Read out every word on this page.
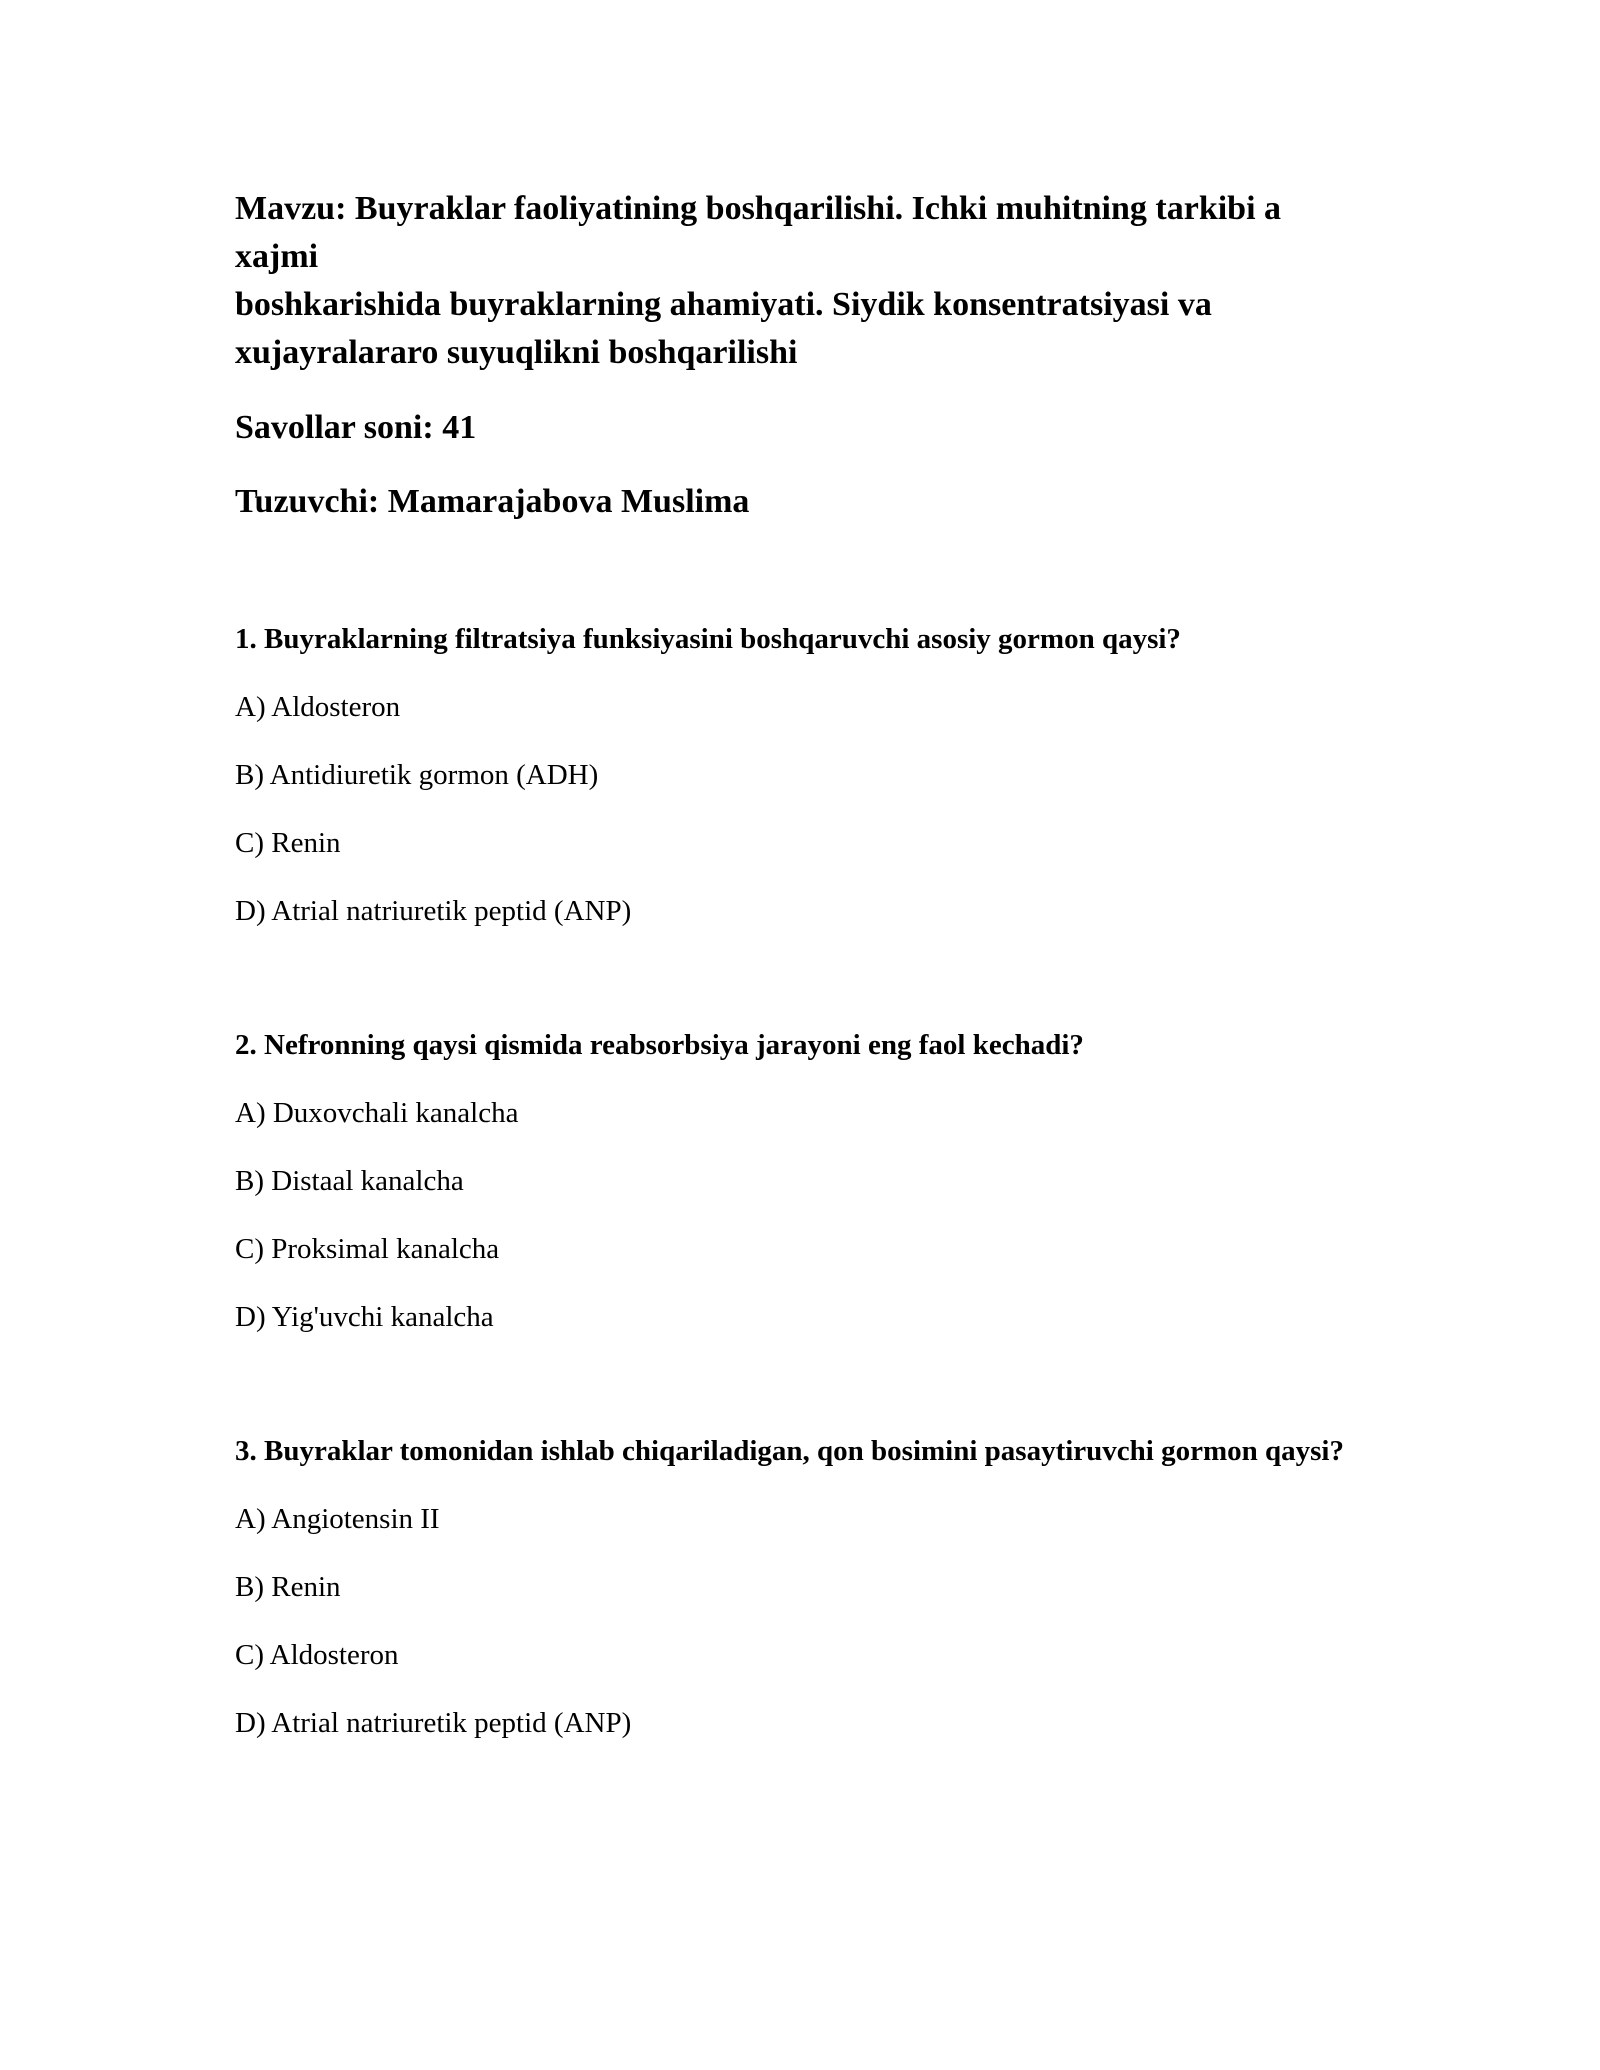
Mavzu: Buyraklar faoliyatining boshqarilishi. Ichki muhitning tarkibi a
xajmi
boshkarishida buyraklarning ahamiyati. Siydik konsentratsiyasi va
xujayralararo suyuqlikni boshqarilishi
Savollar soni: 41
Tuzuvchi: Mamarajabova Muslima
1. Buyraklarning filtratsiya funksiyasini boshqaruvchi asosiy gormon qaysi?
A) Aldosteron
B) Antidiuretik gormon (ADH)
C) Renin
D) Atrial natriuretik peptid (ANP)
2. Nefronning qaysi qismida reabsorbsiya jarayoni eng faol kechadi?
A) Duxovchali kanalcha
B) Distaal kanalcha
C) Proksimal kanalcha
D) Yig'uvchi kanalcha
3. Buyraklar tomonidan ishlab chiqariladigan, qon bosimini pasaytiruvchi gormon qaysi?
A) Angiotensin II
B) Renin
C) Aldosteron
D) Atrial natriuretik peptid (ANP)
